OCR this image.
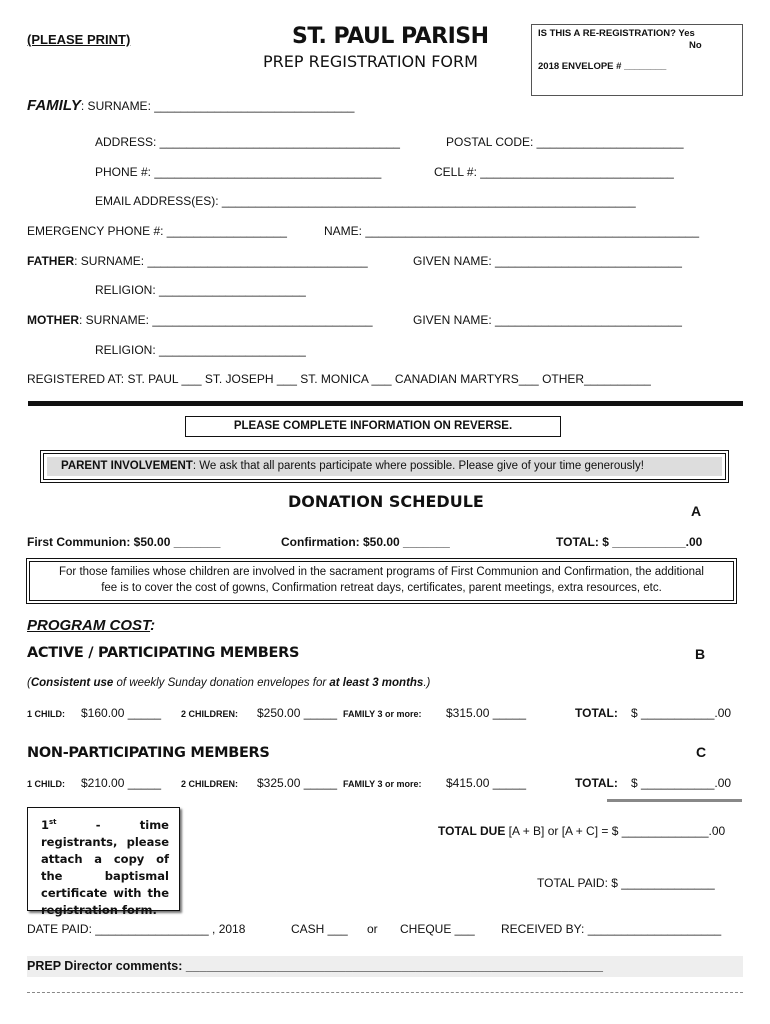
(PLEASE PRINT)	ST. PAUL PARISH
PREP REGISTRATION FORM
IS THIS A RE-REGISTRATION? Yes
No
2018 ENVELOPE # ________
FAMILY: SURNAME: ______________________________
ADDRESS: ____________________________________	POSTAL CODE: ______________________
PHONE #: __________________________________	CELL #: _____________________________
EMAIL ADDRESS(ES): ______________________________________________________________
EMERGENCY PHONE #: __________________	NAME: __________________________________________________
FATHER: SURNAME: _________________________________	GIVEN NAME: ____________________________
RELIGION: ______________________
MOTHER: SURNAME: _________________________________	GIVEN NAME: ____________________________
RELIGION: ______________________
REGISTERED AT: ST. PAUL ___ ST. JOSEPH ___ ST. MONICA ___ CANADIAN MARTYRS___ OTHER__________
PLEASE COMPLETE INFORMATION ON REVERSE.
PARENT INVOLVEMENT: We ask that all parents participate where possible. Please give of your time generously!
DONATION SCHEDULE	A
First Communion: $50.00 _______	Confirmation: $50.00 _______	TOTAL: $ ___________.00
For those families whose children are involved in the sacrament programs of First Communion and Confirmation, the additional
fee is to cover the cost of gowns, Confirmation retreat days, certificates, parent meetings, extra resources, etc.
PROGRAM COST:
ACTIVE / PARTICIPATING MEMBERS	B
(Consistent use of weekly Sunday donation envelopes for at least 3 months.)
1 CHILD: $160.00 _____ 2 CHILDREN: $250.00 _____ FAMILY 3 or more: $315.00 _____	TOTAL: $ ___________.00
NON-PARTICIPATING MEMBERS	C
1 CHILD: $210.00 _____ 2 CHILDREN: $325.00 _____ FAMILY 3 or more: $415.00 _____	TOTAL: $ ___________.00
1st - time registrants, please attach a copy of the baptismal certificate with the registration form.
TOTAL DUE [A + B] or [A + C] = $ _____________.00
TOTAL PAID: $ ______________
DATE PAID: _________________ , 2018	CASH ___ or CHEQUE ___ RECEIVED BY: ____________________
PREP Director comments: ____________________________________________________________
